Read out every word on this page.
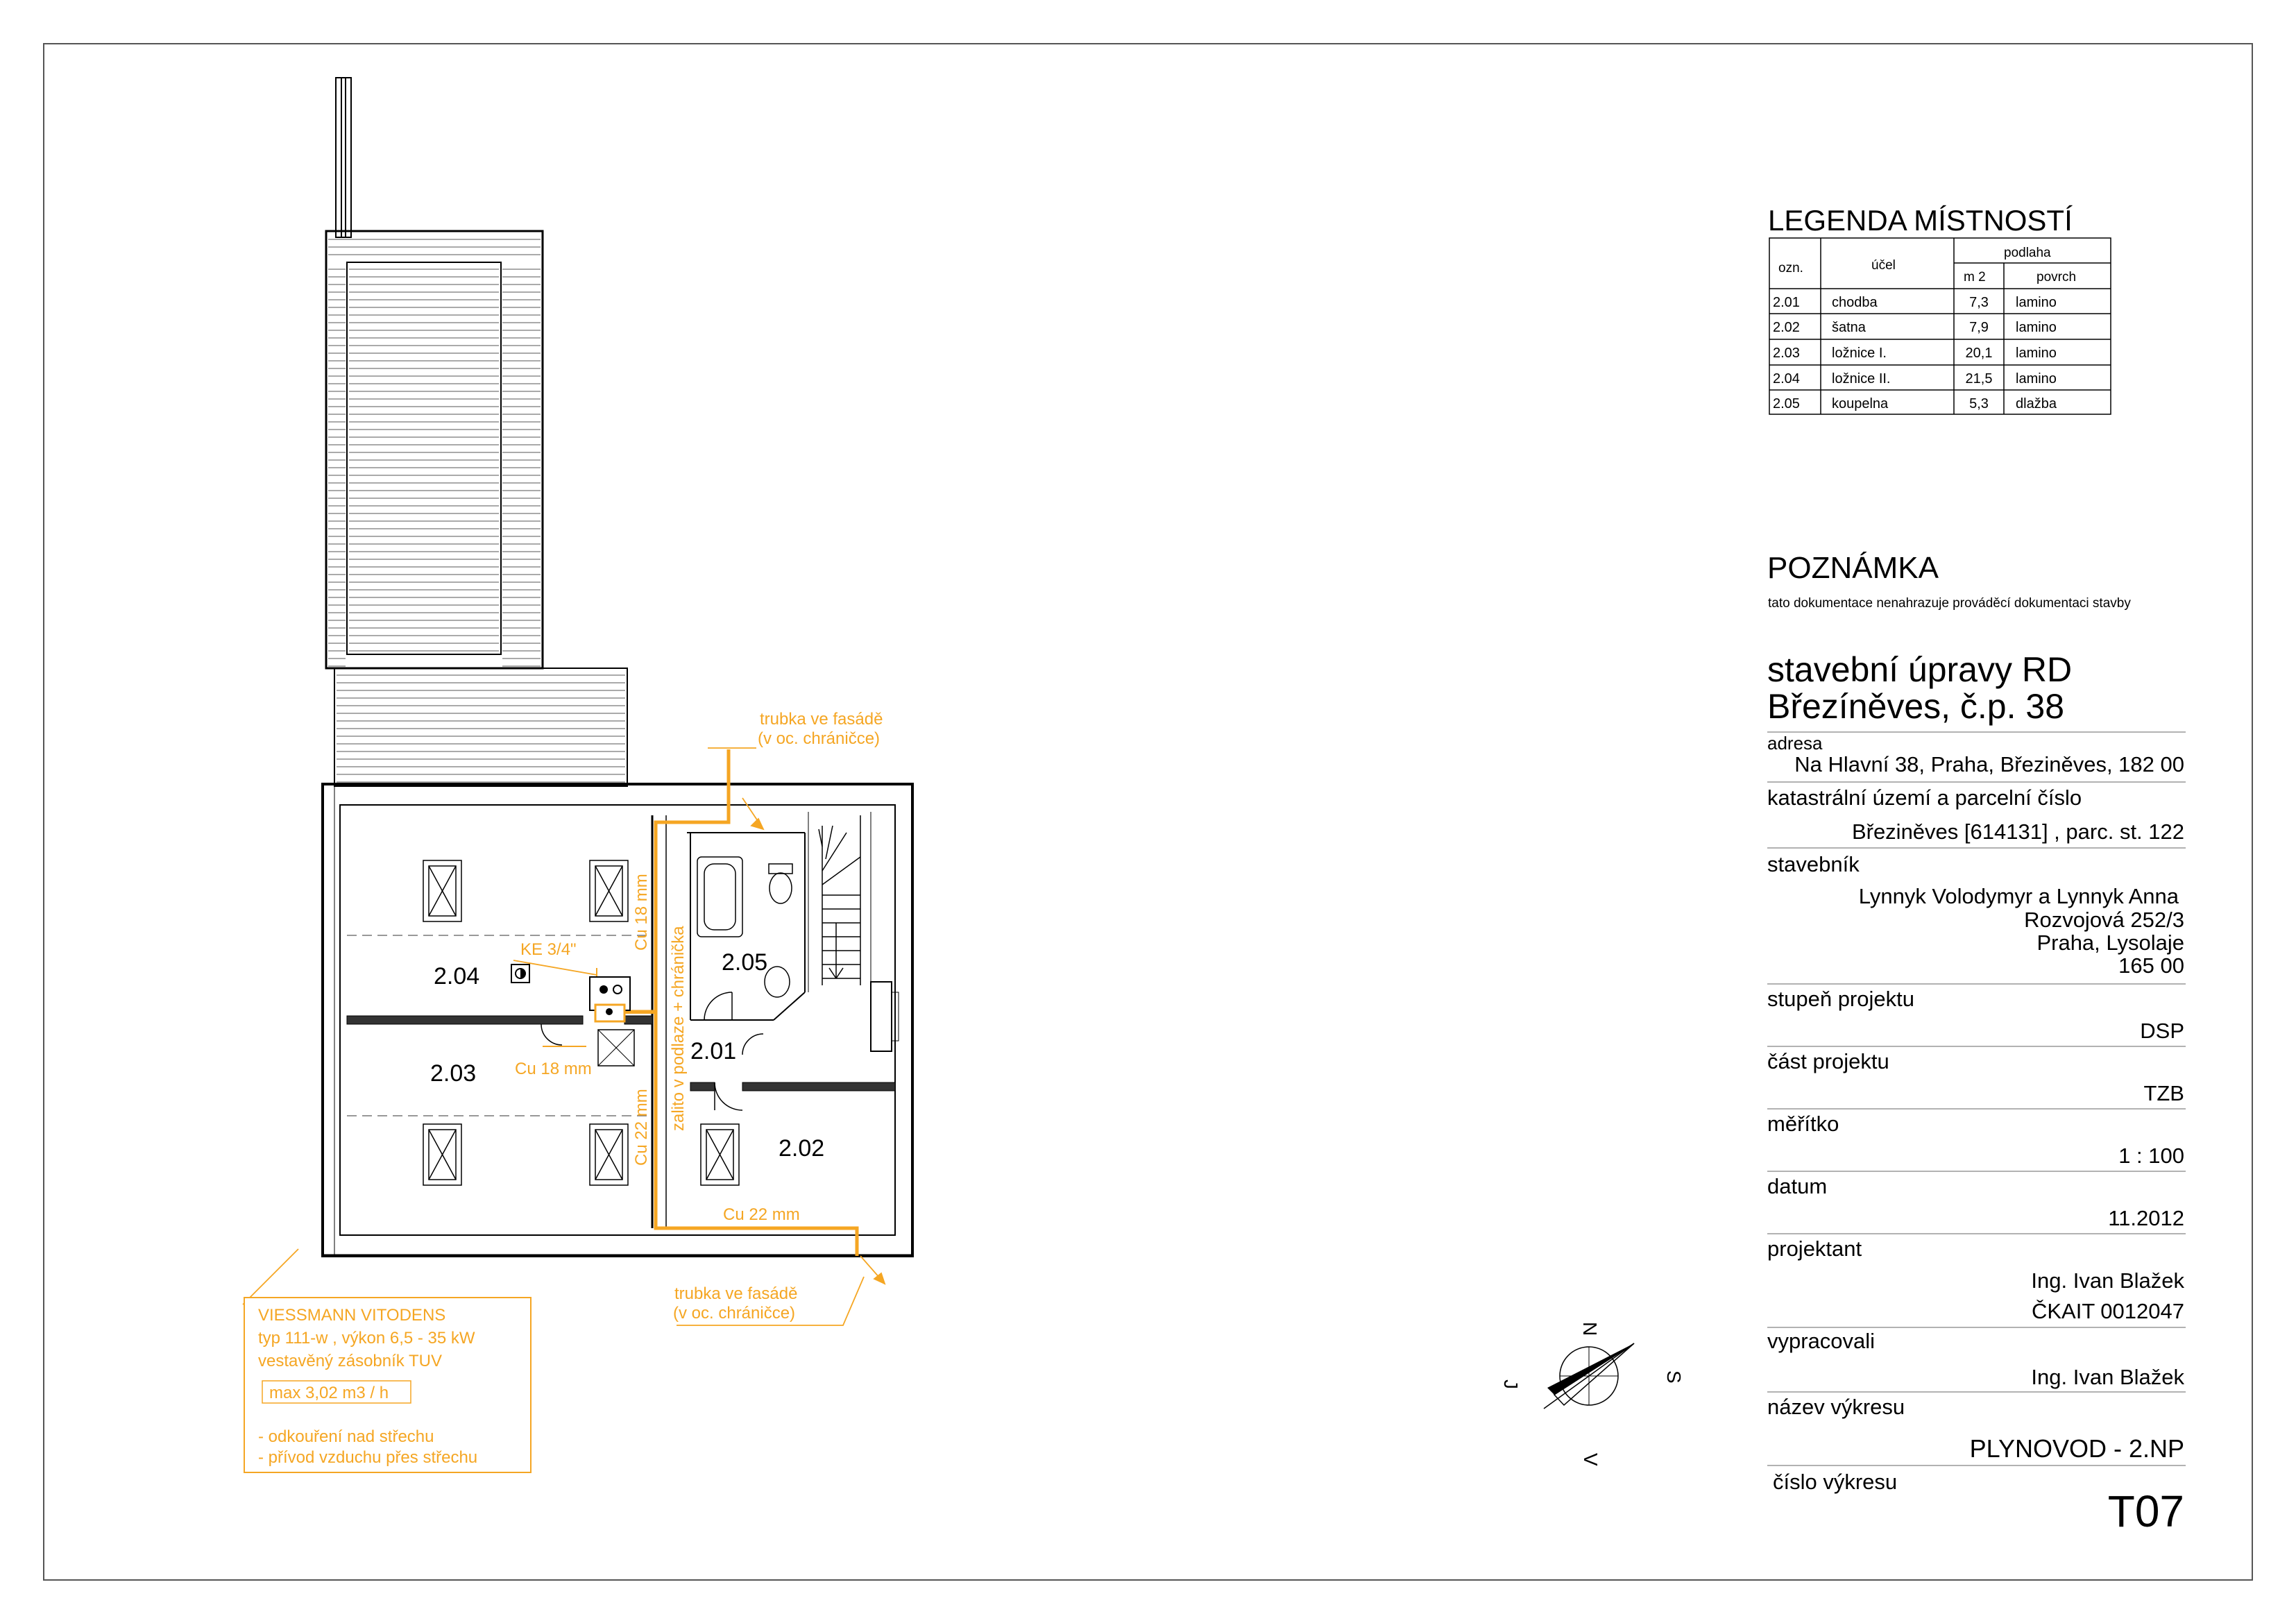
2.04
2.03
2.05
2.01
2.02
trubka ve fasádě
(v oc. chráničce)
trubka ve fasádě
(v oc. chráničce)
KE 3/4"
Cu 18 mm
Cu 22 mm
Cu 18 mm
Cu 22 mm zalito v podlaze + chránička
VIESSMANN VITODENS
typ 111-w , výkon 6,5 - 35 kW
vestavěný zásobník TUV
max 3,02 m3 / h
- odkouření nad střechu
- přívod vzduchu přes střechu
N
S
V
J
LEGENDA MÍSTNOSTÍ
ozn.	účel
podlaha
m 2	povrch
2.01 chodba	7,3 lamino
2.02 šatna	7,9 lamino
2.03 ložnice I.	20,1 lamino
2.04 ložnice II.	21,5 lamino
2.05 koupelna	5,3 dlažba
POZNÁMKA
tato dokumentace nenahrazuje prováděcí dokumentaci stavby
stavební úpravy RD
Březíněves, č.p. 38
adresa
Na Hlavní 38, Praha, Březiněves, 182 00
katastrální území a parcelní číslo
Březiněves [614131] , parc. st. 122
stavebník
Lynnyk Volodymyr a Lynnyk Anna
Rozvojová 252/3
Praha, Lysolaje
165 00
stupeň projektu
DSP
část projektu
TZB
měřítko
1 : 100
datum
11.2012
projektant
Ing. Ivan Blažek
ČKAIT 0012047
vypracovali
Ing. Ivan Blažek
název výkresu
PLYNOVOD - 2.NP
číslo výkresu
T07
